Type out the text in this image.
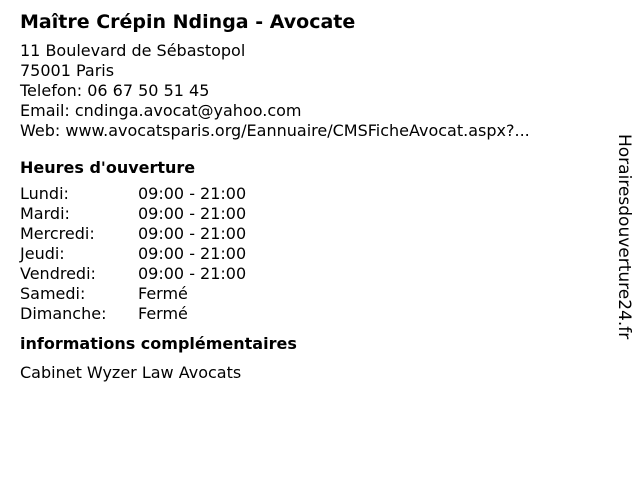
Maître Crépin Ndinga - Avocate
11 Boulevard de Sébastopol
75001 Paris
Telefon: 06 67 50 51 45
Email: cndinga.avocat@yahoo.com
Web: www.avocatsparis.org/Eannuaire/CMSFicheAvocat.aspx?...
Heures d'ouverture
Lundi:	09:00 - 21:00
Mardi:	09:00 - 21:00
Mercredi:	09:00 - 21:00
Jeudi:	09:00 - 21:00
Vendredi:	09:00 - 21:00
Samedi:	Fermé
Dimanche:	Fermé
informations complémentaires
Cabinet Wyzer Law Avocats
Horairesdouverture24.fr
